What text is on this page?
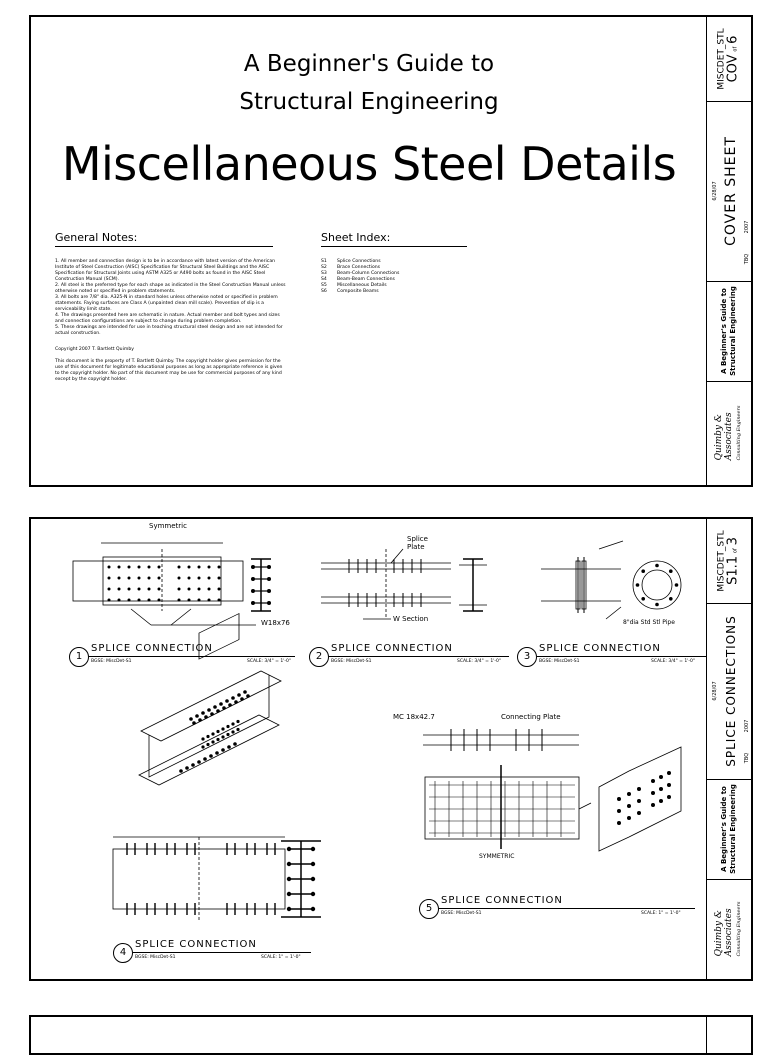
A Beginner's Guide to
Structural Engineering
Miscellaneous Steel Details
General Notes:	Sheet Index:

1. All member and connection design is to be in accordance with latest version of the American Institute of Steel Construction (AISC) Specification for Structural Steel Buildings and the AISC Specification for Structural Joints using ASTM A325 or A490 bolts as found in the AISC Steel Construction Manual (SCM).

2. All steel is the preferred type for each shape as indicated in the Steel Construction Manual unless otherwise noted or specified in problem statements.

3. All bolts are 7/8" dia. A325-N in standard holes unless otherwise noted or specified in problem statements. Faying surfaces are Class A (unpainted clean mill scale). Prevention of slip is a serviceability limit state.

4. The drawings presented here are schematic in nature. Actual member and bolt types and sizes and connection configurations are subject to change during problem completion.

5. These drawings are intended for use in teaching structural steel design and are not intended for actual construction.

Copyright 2007 T. Bartlett Quimby

This document is the property of T. Bartlett Quimby. The copyright holder gives permission for the use of this document for legitimate educational purposes as long as appropriate reference is given to the copyright holder. No part of this document may be use for commercial purposes of any kind except by the copyright holder.

S1 Splice Connections
S2 Brace Connections
S3 Beam-Column Connections
S4 Beam-Beam Connections
S5 Miscellaneous Details
S6 Composite Beams
MISCDET_STL COV of 6
6/28/07 COVER SHEET
TBQ
2007
A Beginner's Guide to Structural Engineering
Quimby & Associates Consulting Engineers
Symmetric
W18x76
Splice
Plate
W Section	8"dia Std Stl Pipe
MC 18x42.7	Connecting Plate
SYMMETRIC
1
SPLICE CONNECTION
BGSE: MiscDet-S1	SCALE: 3/4" = 1'-0"	2
SPLICE CONNECTION
BGSE: MiscDet-S1	SCALE: 3/4" = 1'-0"	3
SPLICE CONNECTION
BGSE: MiscDet-S1	SCALE: 3/4" = 1'-0"
4
SPLICE CONNECTION
BGSE: MiscDet-S1	SCALE: 1" = 1'-0"
5
SPLICE CONNECTION
BGSE: MiscDet-S1	SCALE: 1" = 1'-0"
MISCDET_STL S1.1 of 3
6/28/07 SPLICE CONNECTIONS TBQ
2007
A Beginner's Guide to Structural Engineering
Quimby & Associates Consulting Engineers
